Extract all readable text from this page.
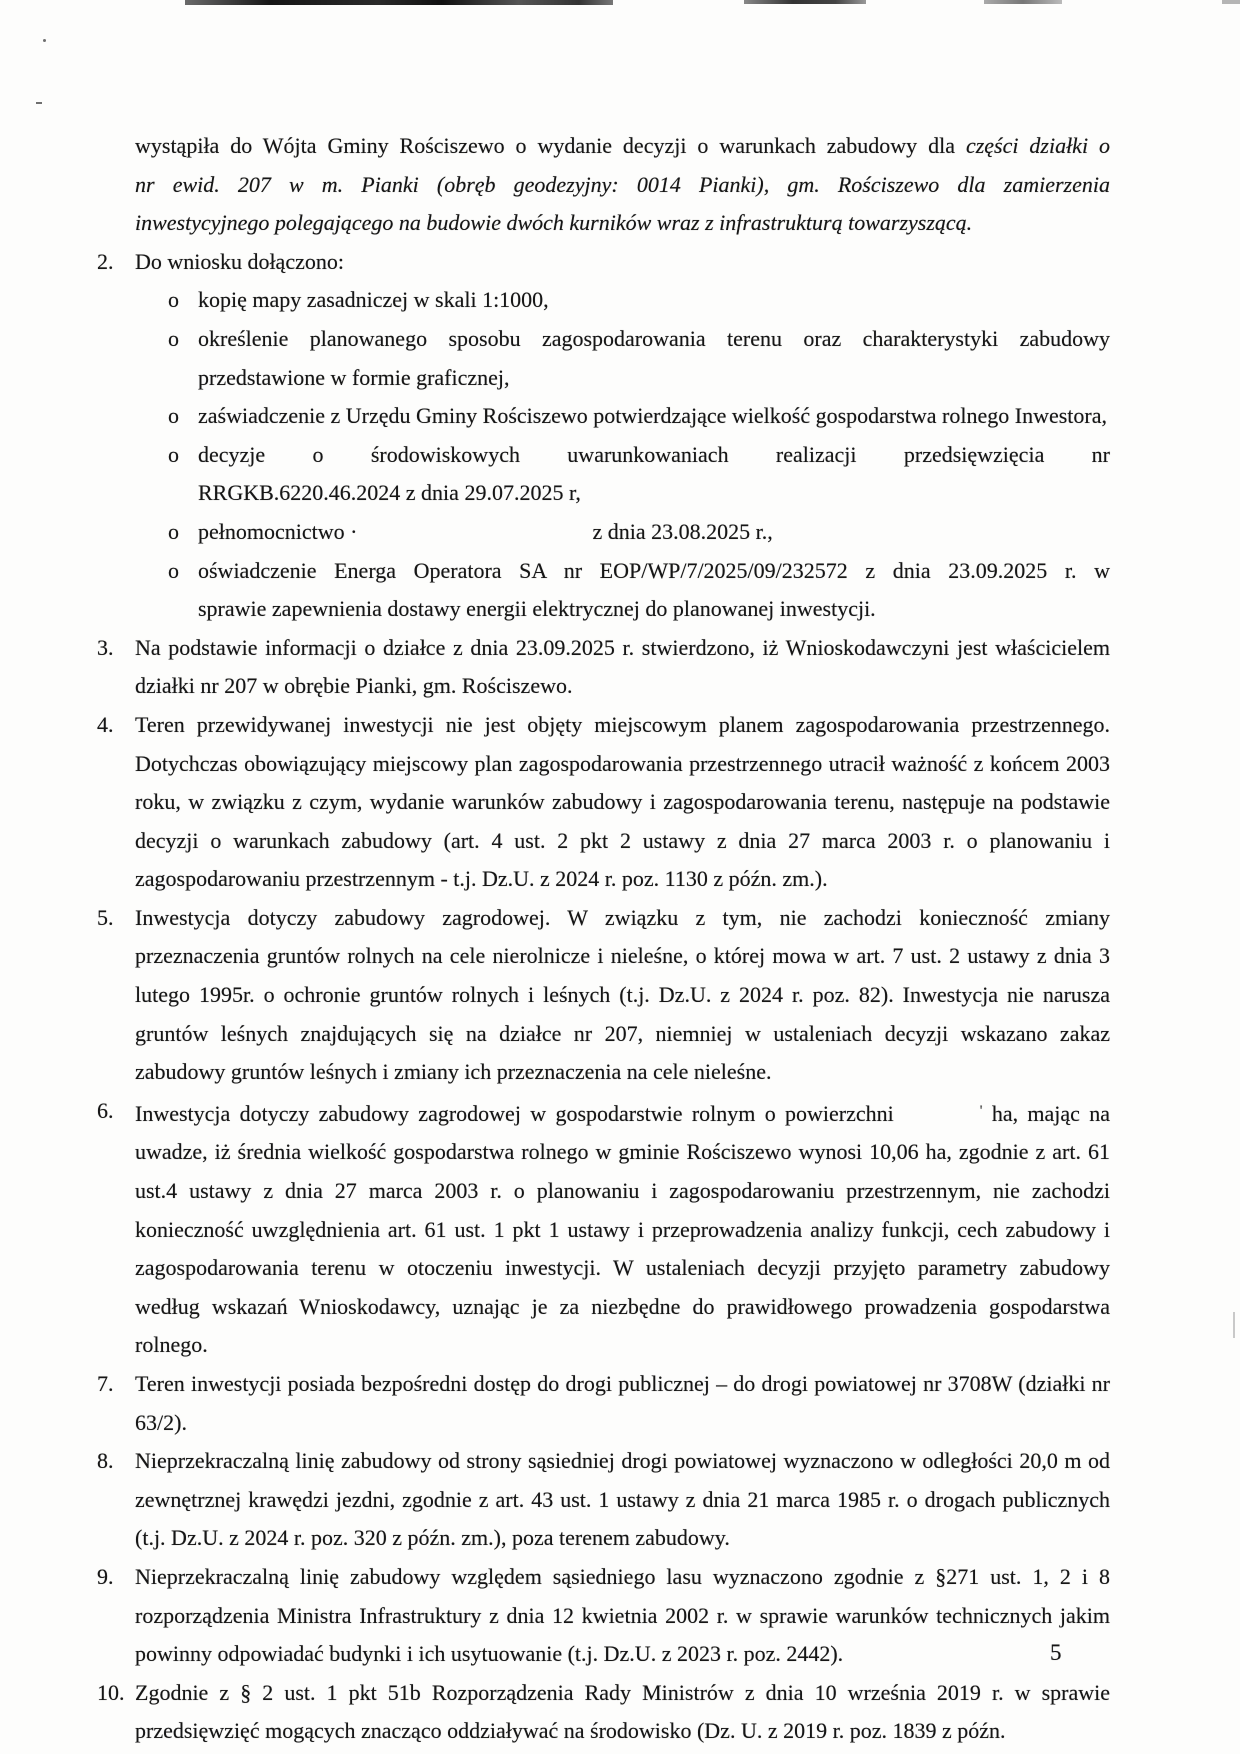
wystąpiła do Wójta Gminy Rościszewo o wydanie decyzji o warunkach zabudowy dla części działki o
nr ewid. 207 w m. Pianki (obręb geodezyjny: 0014 Pianki), gm. Rościszewo dla zamierzenia
inwestycyjnego polegającego na budowie dwóch kurników wraz z infrastrukturą towarzyszącą.
2. Do wniosku dołączono:
o kopię mapy zasadniczej w skali 1:1000,
o określenie planowanego sposobu zagospodarowania terenu oraz charakterystyki zabudowy przedstawione w formie graficznej,
o zaświadczenie z Urzędu Gminy Rościszewo potwierdzające wielkość gospodarstwa rolnego Inwestora,
o decyzje o środowiskowych uwarunkowaniach realizacji przedsięwzięcia nr
RRGKB.6220.46.2024 z dnia 29.07.2025 r,
o pełnomocnictwo ·	z dnia 23.08.2025 r.,
o oświadczenie Energa Operatora SA nr EOP/WP/7/2025/09/232572 z dnia 23.09.2025 r. w
sprawie zapewnienia dostawy energii elektrycznej do planowanej inwestycji.
3. Na podstawie informacji o działce z dnia 23.09.2025 r. stwierdzono, iż Wnioskodawczyni jest właścicielem działki nr 207 w obrębie Pianki, gm. Rościszewo.
4. Teren przewidywanej inwestycji nie jest objęty miejscowym planem zagospodarowania przestrzennego. Dotychczas obowiązujący miejscowy plan zagospodarowania przestrzennego utracił ważność z końcem 2003 roku, w związku z czym, wydanie warunków zabudowy i zagospodarowania terenu, następuje na podstawie decyzji o warunkach zabudowy (art. 4 ust. 2 pkt 2 ustawy z dnia 27 marca 2003 r. o planowaniu i zagospodarowaniu przestrzennym - t.j. Dz.U. z 2024 r. poz. 1130 z późn. zm.).
5. Inwestycja dotyczy zabudowy zagrodowej. W związku z tym, nie zachodzi konieczność zmiany przeznaczenia gruntów rolnych na cele nierolnicze i nieleśne, o której mowa w art. 7 ust. 2 ustawy z dnia 3 lutego 1995r. o ochronie gruntów rolnych i leśnych (t.j. Dz.U. z 2024 r. poz. 82). Inwestycja nie narusza gruntów leśnych znajdujących się na działce nr 207, niemniej w ustaleniach decyzji wskazano zakaz zabudowy gruntów leśnych i zmiany ich przeznaczenia na cele nieleśne.
6. Inwestycja dotyczy zabudowy zagrodowej w gospodarstwie rolnym o powierzchni	' ha, mając na uwadze, iż średnia wielkość gospodarstwa rolnego w gminie Rościszewo wynosi 10,06 ha, zgodnie z art. 61 ust.4 ustawy z dnia 27 marca 2003 r. o planowaniu i zagospodarowaniu przestrzennym, nie zachodzi konieczność uwzględnienia art. 61 ust. 1 pkt 1 ustawy i przeprowadzenia analizy funkcji, cech zabudowy i zagospodarowania terenu w otoczeniu inwestycji. W ustaleniach decyzji przyjęto parametry zabudowy według wskazań Wnioskodawcy, uznając je za niezbędne do prawidłowego prowadzenia gospodarstwa rolnego.
7. Teren inwestycji posiada bezpośredni dostęp do drogi publicznej – do drogi powiatowej nr 3708W (działki nr 63/2).
8. Nieprzekraczalną linię zabudowy od strony sąsiedniej drogi powiatowej wyznaczono w odległości 20,0 m od zewnętrznej krawędzi jezdni, zgodnie z art. 43 ust. 1 ustawy z dnia 21 marca 1985 r. o drogach publicznych (t.j. Dz.U. z 2024 r. poz. 320 z późn. zm.), poza terenem zabudowy.
9. Nieprzekraczalną linię zabudowy względem sąsiedniego lasu wyznaczono zgodnie z §271 ust. 1, 2 i 8 rozporządzenia Ministra Infrastruktury z dnia 12 kwietnia 2002 r. w sprawie warunków technicznych jakim powinny odpowiadać budynki i ich usytuowanie (t.j. Dz.U. z 2023 r. poz. 2442).
10. Zgodnie z § 2 ust. 1 pkt 51b Rozporządzenia Rady Ministrów z dnia 10 września 2019 r. w sprawie przedsięwzięć mogących znacząco oddziaływać na środowisko (Dz. U. z 2019 r. poz. 1839 z późn.
5
